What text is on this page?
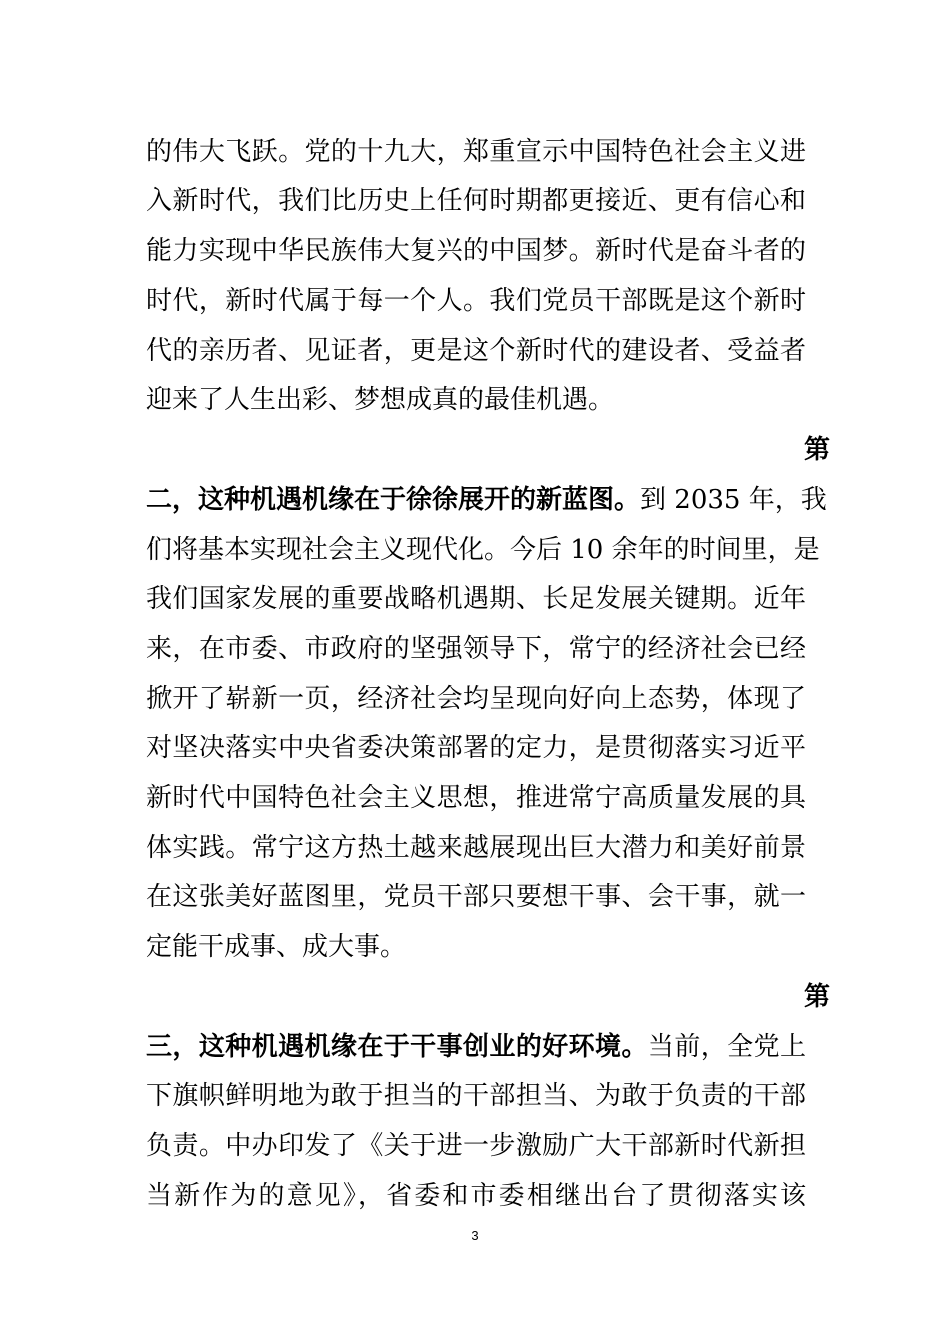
的伟大飞跃。党的十九大，郑重宣示中国特色社会主义进
入新时代，我们比历史上任何时期都更接近、更有信心和
能力实现中华民族伟大复兴的中国梦。新时代是奋斗者的
时代，新时代属于每一个人。我们党员干部既是这个新时
代的亲历者、见证者，更是这个新时代的建设者、受益者
迎来了人生出彩、梦想成真的最佳机遇。
第
二，这种机遇机缘在于徐徐展开的新蓝图。到 2035 年，我
们将基本实现社会主义现代化。今后 10 余年的时间里，是
我们国家发展的重要战略机遇期、长足发展关键期。近年
来，在市委、市政府的坚强领导下，常宁的经济社会已经
掀开了崭新一页，经济社会均呈现向好向上态势，体现了
对坚决落实中央省委决策部署的定力，是贯彻落实习近平
新时代中国特色社会主义思想，推进常宁高质量发展的具
体实践。常宁这方热土越来越展现出巨大潜力和美好前景
在这张美好蓝图里，党员干部只要想干事、会干事，就一
定能干成事、成大事。
第
三，这种机遇机缘在于干事创业的好环境。当前，全党上
下旗帜鲜明地为敢于担当的干部担当、为敢于负责的干部
负责。中办印发了《关于进一步激励广大干部新时代新担
当新作为的意见》，省委和市委相继出台了贯彻落实该
3
